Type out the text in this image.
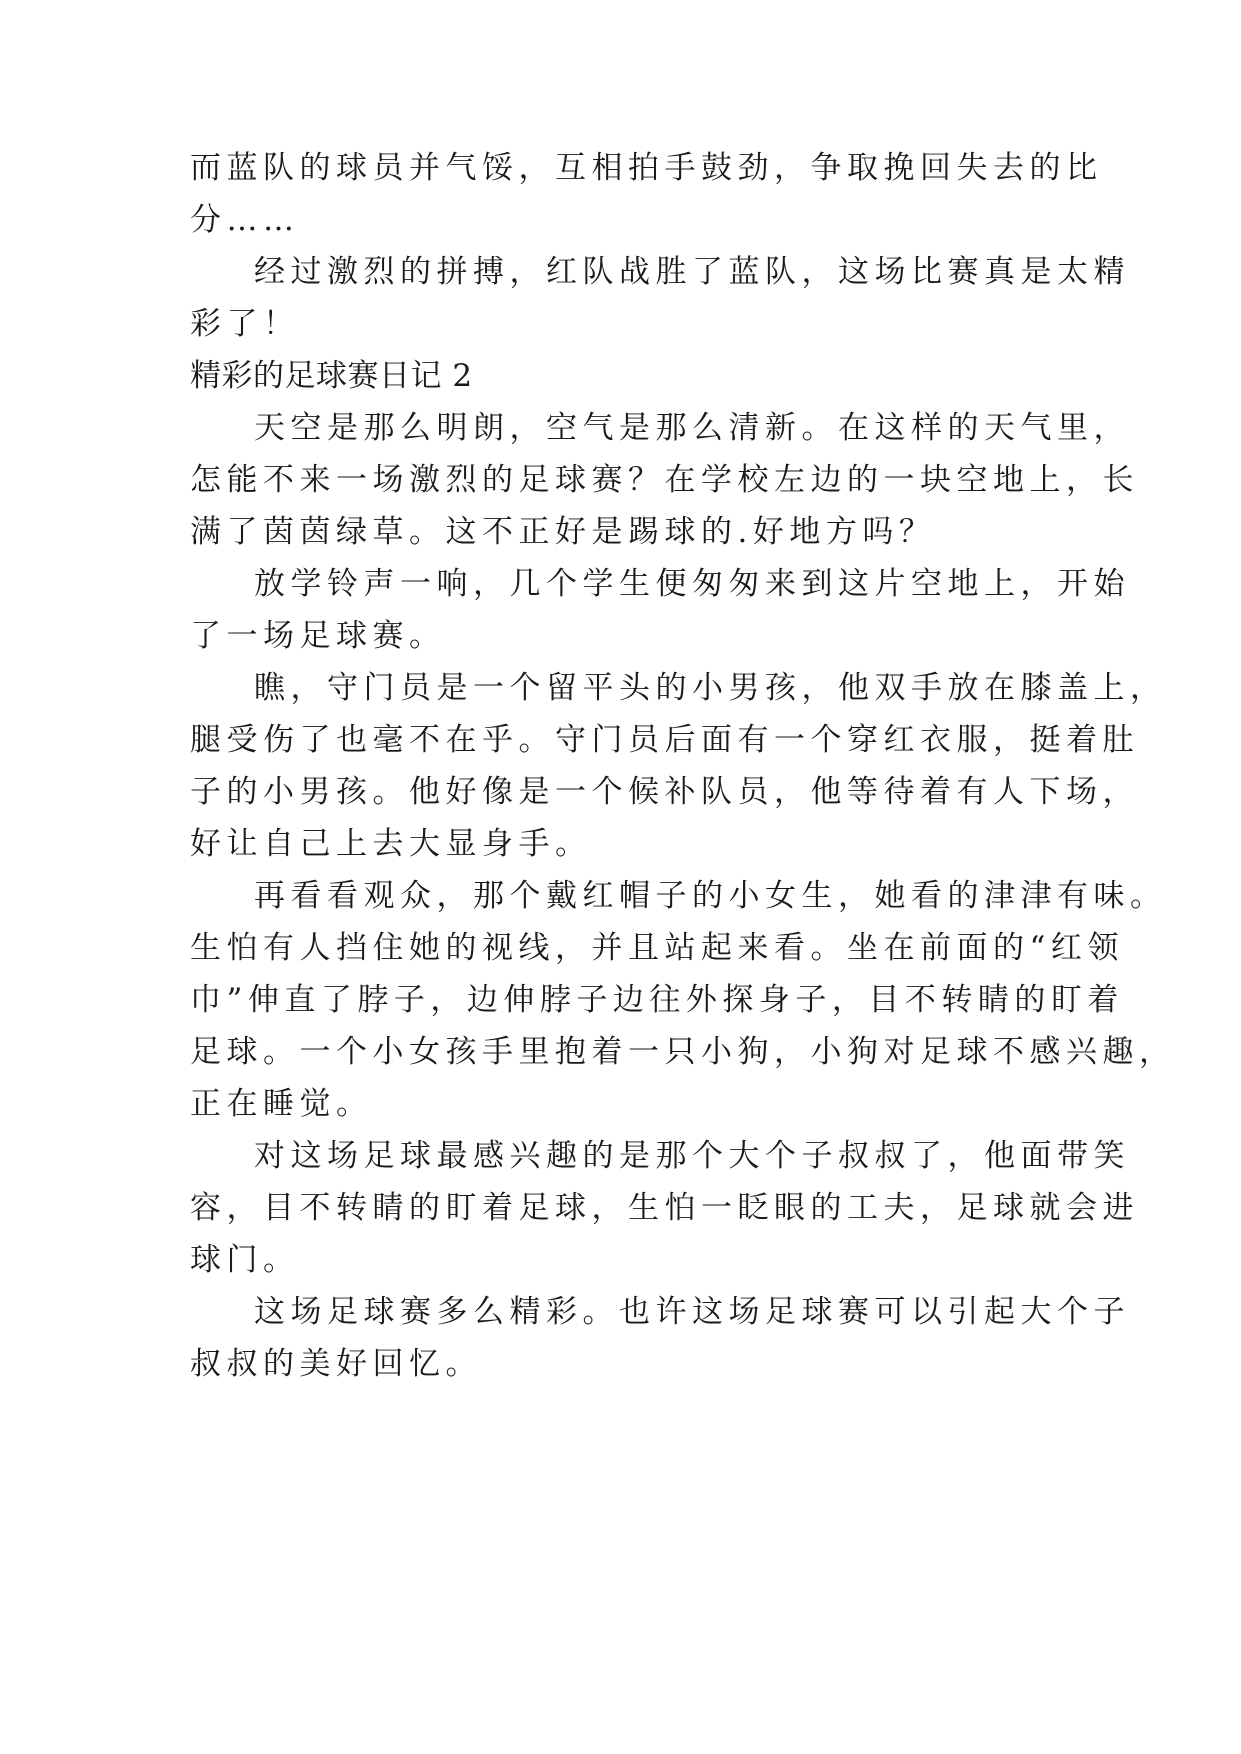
而蓝队的球员并气馁，互相拍手鼓劲，争取挽回失去的比
分……
经过激烈的拼搏，红队战胜了蓝队，这场比赛真是太精
彩了！
精彩的足球赛日记 2
天空是那么明朗，空气是那么清新。在这样的天气里，
怎能不来一场激烈的足球赛？在学校左边的一块空地上，长
满了茵茵绿草。这不正好是踢球的.好地方吗？
放学铃声一响，几个学生便匆匆来到这片空地上，开始
了一场足球赛。
瞧，守门员是一个留平头的小男孩，他双手放在膝盖上，
腿受伤了也毫不在乎。守门员后面有一个穿红衣服，挺着肚
子的小男孩。他好像是一个候补队员，他等待着有人下场，
好让自己上去大显身手。
再看看观众，那个戴红帽子的小女生，她看的津津有味。
生怕有人挡住她的视线，并且站起来看。坐在前面的“红领
巾”伸直了脖子，边伸脖子边往外探身子，目不转睛的盯着
足球。一个小女孩手里抱着一只小狗，小狗对足球不感兴趣，
正在睡觉。
对这场足球最感兴趣的是那个大个子叔叔了，他面带笑
容，目不转睛的盯着足球，生怕一眨眼的工夫，足球就会进
球门。
这场足球赛多么精彩。也许这场足球赛可以引起大个子
叔叔的美好回忆。
